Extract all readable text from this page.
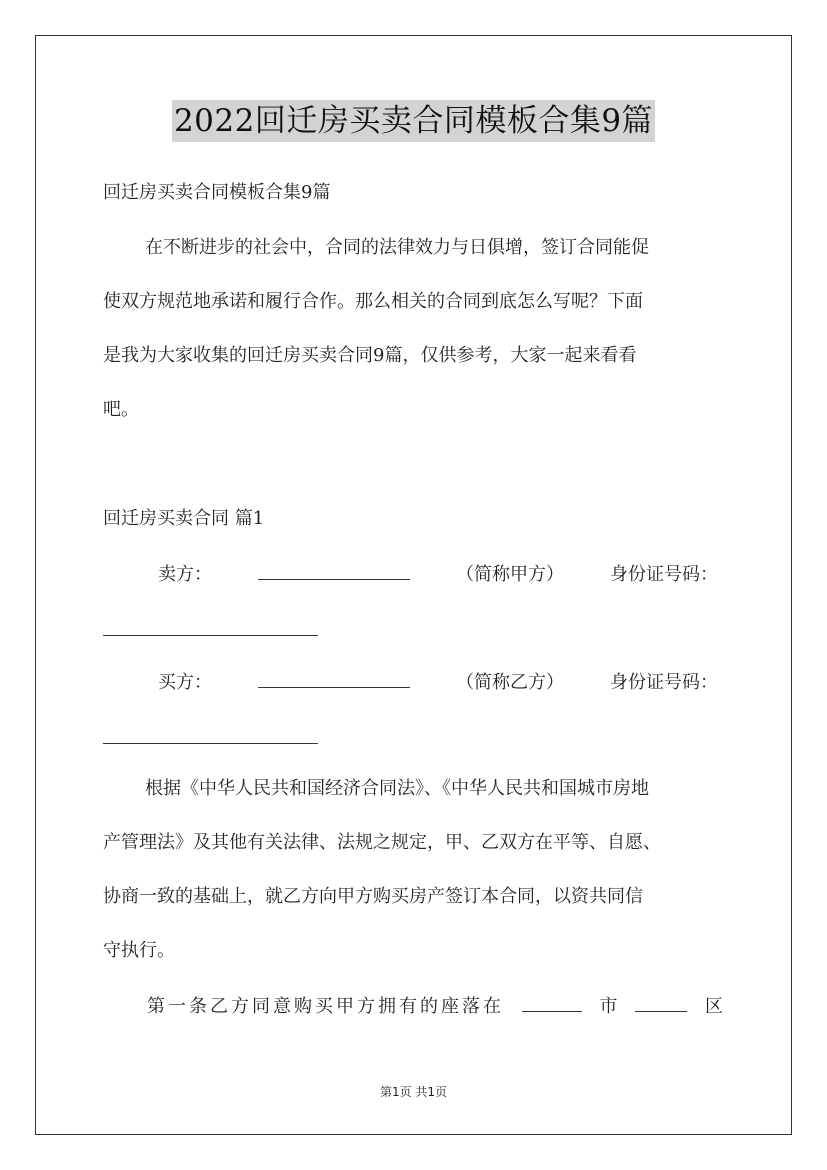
2022回迁房买卖合同模板合集9篇
回迁房买卖合同模板合集9篇
在不断进步的社会中，合同的法律效力与日俱增，签订合同能促
使双方规范地承诺和履行合作。那么相关的合同到底怎么写呢？下面
是我为大家收集的回迁房买卖合同9篇，仅供参考，大家一起来看看
吧。
回迁房买卖合同 篇1
卖方：	（简称甲方）	身份证号码：
买方：	（简称乙方）	身份证号码：
根据《中华人民共和国经济合同法》、《中华人民共和国城市房地
产管理法》及其他有关法律、法规之规定，甲、乙双方在平等、自愿、
协商一致的基础上，就乙方向甲方购买房产签订本合同，以资共同信
守执行。
第一条乙方同意购买甲方拥有的座落在	市	区
第1页 共1页
